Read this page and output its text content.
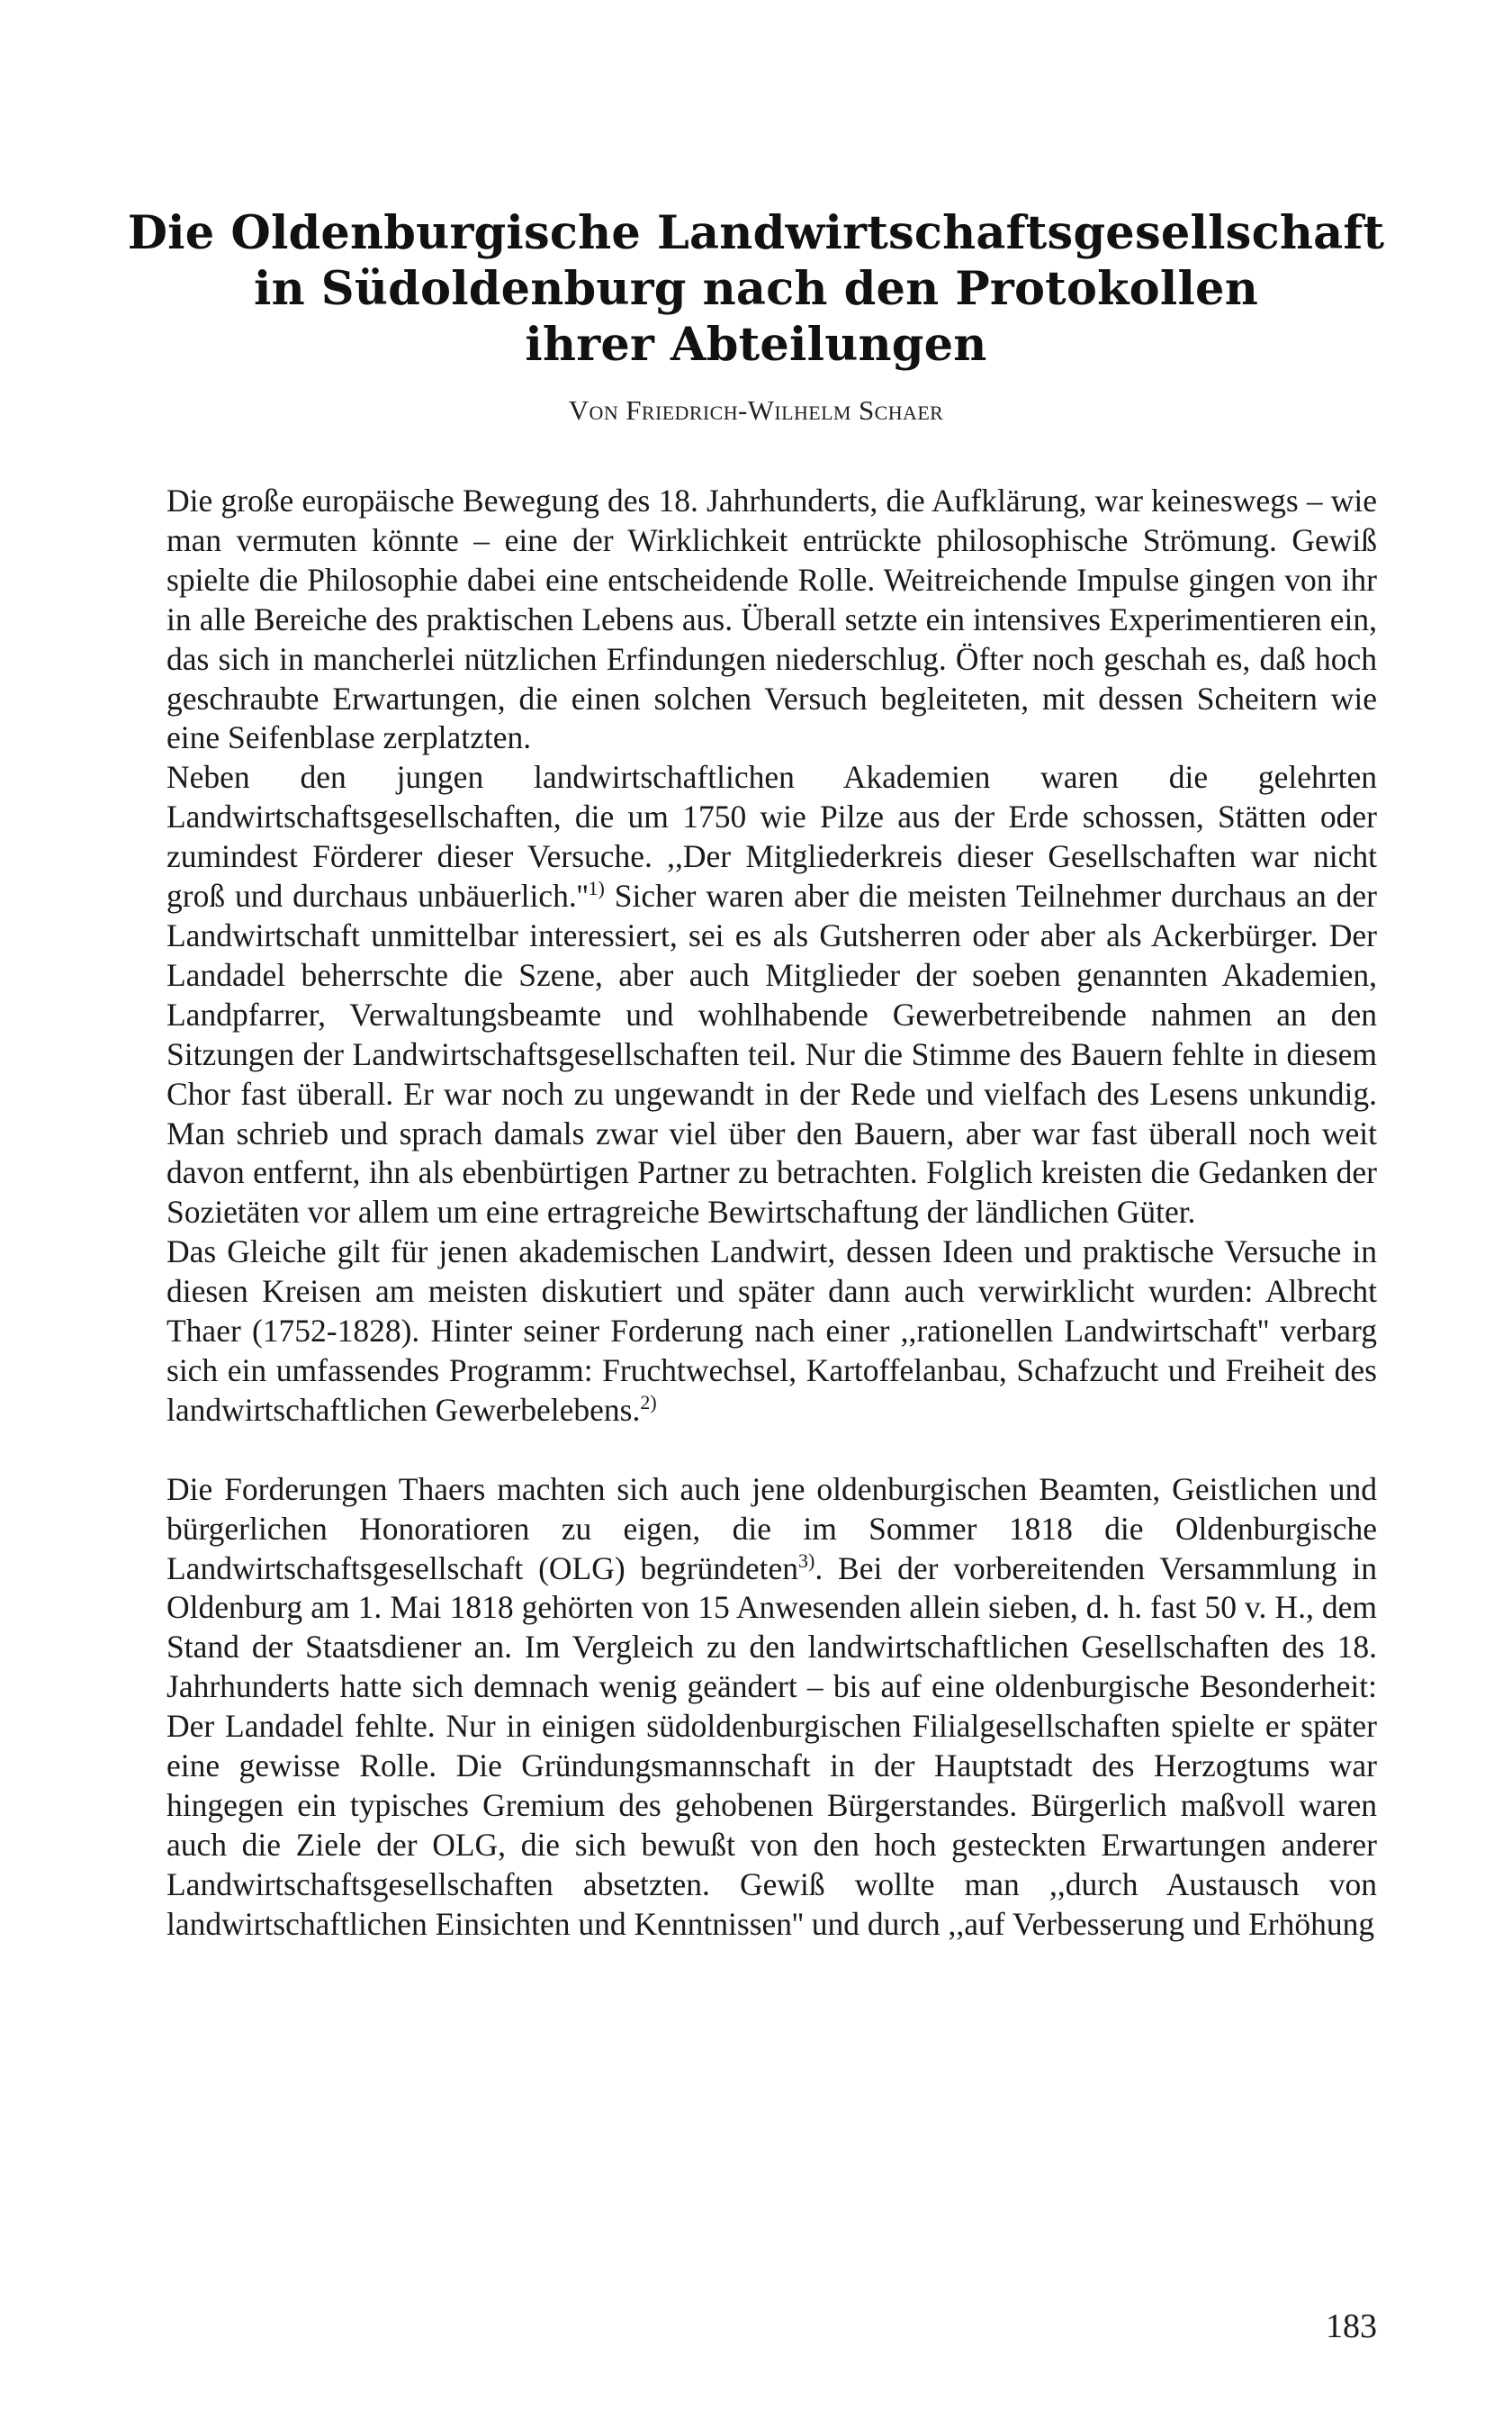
Die Oldenburgische Landwirtschaftsgesellschaft
in Südoldenburg nach den Protokollen
ihrer Abteilungen
Von Friedrich-Wilhelm Schaer

Die große europäische Bewegung des 18. Jahrhunderts, die Aufklärung, war keineswegs – wie man vermuten könnte – eine der Wirklichkeit entrückte philosophische Strömung. Gewiß spielte die Philosophie dabei eine entscheidende Rolle. Weitreichende Impulse gingen von ihr in alle Bereiche des praktischen Lebens aus. Überall setzte ein intensives Experimentieren ein, das sich in mancherlei nützlichen Erfindungen niederschlug. Öfter noch geschah es, daß hoch geschraubte Erwartungen, die einen solchen Versuch begleiteten, mit dessen Scheitern wie eine Seifenblase zerplatzten.

Neben den jungen landwirtschaftlichen Akademien waren die gelehrten Landwirtschaftsgesellschaften, die um 1750 wie Pilze aus der Erde schossen, Stätten oder zumindest Förderer dieser Versuche. ,,Der Mitgliederkreis dieser Gesellschaften war nicht groß und durchaus $unbäuerlich.''^{1)}$ Sicher waren aber die meisten Teilnehmer durchaus an der Landwirtschaft unmittelbar interessiert, sei es als Gutsherren oder aber als Ackerbürger. Der Landadel beherrschte die Szene, aber auch Mitglieder der soeben genannten Akademien, Landpfarrer, Verwaltungsbeamte und wohlhabende Gewerbetreibende nahmen an den Sitzungen der Landwirtschaftsgesellschaften teil. Nur die Stimme des Bauern fehlte in diesem Chor fast überall. Er war noch zu ungewandt in der Rede und vielfach des Lesens unkundig. Man schrieb und sprach damals zwar viel über den Bauern, aber war fast überall noch weit davon entfernt, ihn als ebenbürtigen Partner zu betrachten. Folglich kreisten die Gedanken der Sozietäten vor allem um eine ertragreiche Bewirtschaftung der ländlichen Güter.

Das Gleiche gilt für jenen akademischen Landwirt, dessen Ideen und praktische Versuche in diesen Kreisen am meisten diskutiert und später dann auch verwirklicht wurden: Albrecht Thaer (1752-1828). Hinter seiner Forderung nach einer ,,rationellen Landwirtschaft'' verbarg sich ein umfassendes Programm: Fruchtwechsel, Kartoffelanbau, Schafzucht und Freiheit des landwirtschaftlichen Gewerbelebens.$^{2)}$

Die Forderungen Thaers machten sich auch jene oldenburgischen Beamten, Geistlichen und bürgerlichen Honoratioren zu eigen, die im Sommer 1818 die Oldenburgische Landwirtschaftsgesellschaft (OLG) begründeten$^{3)}$. Bei der vorbereitenden Versammlung in Oldenburg am 1. Mai 1818 gehörten von 15 Anwesenden allein sieben, d. h. fast 50 v. H., dem Stand der Staatsdiener an. Im Vergleich zu den landwirtschaftlichen Gesellschaften des 18. Jahrhunderts hatte sich demnach wenig geändert – bis auf eine oldenburgische Besonderheit: Der Landadel fehlte. Nur in einigen südoldenburgischen Filialgesellschaften spielte er später eine gewisse Rolle. Die Gründungsmannschaft in der Hauptstadt des Herzogtums war hingegen ein typisches Gremium des gehobenen Bürgerstandes. Bürgerlich maßvoll waren auch die Ziele der OLG, die sich bewußt von den hoch gesteckten Erwartungen anderer Landwirtschaftsgesellschaften absetzten. Gewiß wollte man ,,durch Austausch von landwirtschaftlichen Einsichten und Kenntnissen'' und durch ,,auf Verbesserung und Erhöhung

183
